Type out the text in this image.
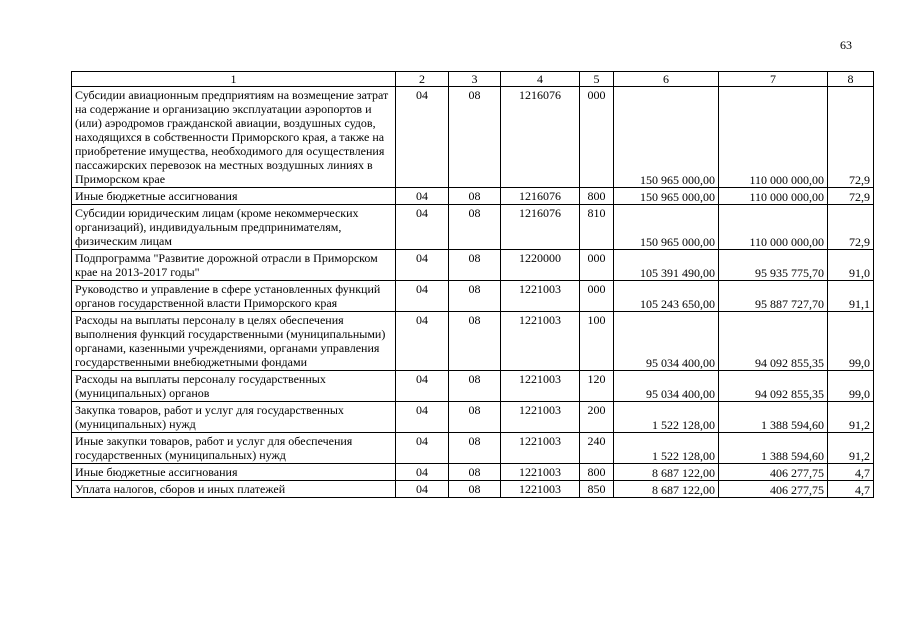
63
1	2	3	4	5	6	7	8
Субсидии авиационным предприятиям на возмещение затрат на содержание и организацию эксплуатации аэропортов и (или) аэродромов гражданской авиации, воздушных судов, находящихся в собственности Приморского края, а также на приобретение имущества, необходимого для осуществления пассажирских перевозок на местных воздушных линиях в Приморском крае	04	08	1216076	000	150 965 000,00	110 000 000,00	72,9
Иные бюджетные ассигнования	04	08	1216076	800	150 965 000,00	110 000 000,00	72,9
Субсидии юридическим лицам (кроме некоммерческих организаций), индивидуальным предпринимателям, физическим лицам	04	08	1216076	810	150 965 000,00	110 000 000,00	72,9
Подпрограмма "Развитие дорожной отрасли в Приморском крае на 2013-2017 годы"	04	08	1220000	000	105 391 490,00	95 935 775,70	91,0
Руководство и управление в сфере установленных функций органов государственной власти Приморского края	04	08	1221003	000	105 243 650,00	95 887 727,70	91,1
Расходы на выплаты персоналу в целях обеспечения выполнения функций государственными (муниципальными) органами, казенными учреждениями, органами управления государственными внебюджетными фондами	04	08	1221003	100	95 034 400,00	94 092 855,35	99,0
Расходы на выплаты персоналу государственных (муниципальных) органов	04	08	1221003	120	95 034 400,00	94 092 855,35	99,0
Закупка товаров, работ и услуг для государственных (муниципальных) нужд	04	08	1221003	200	1 522 128,00	1 388 594,60	91,2
Иные закупки товаров, работ и услуг для обеспечения государственных (муниципальных) нужд	04	08	1221003	240	1 522 128,00	1 388 594,60	91,2
Иные бюджетные ассигнования	04	08	1221003	800	8 687 122,00	406 277,75	4,7
Уплата налогов, сборов и иных платежей	04	08	1221003	850	8 687 122,00	406 277,75	4,7
